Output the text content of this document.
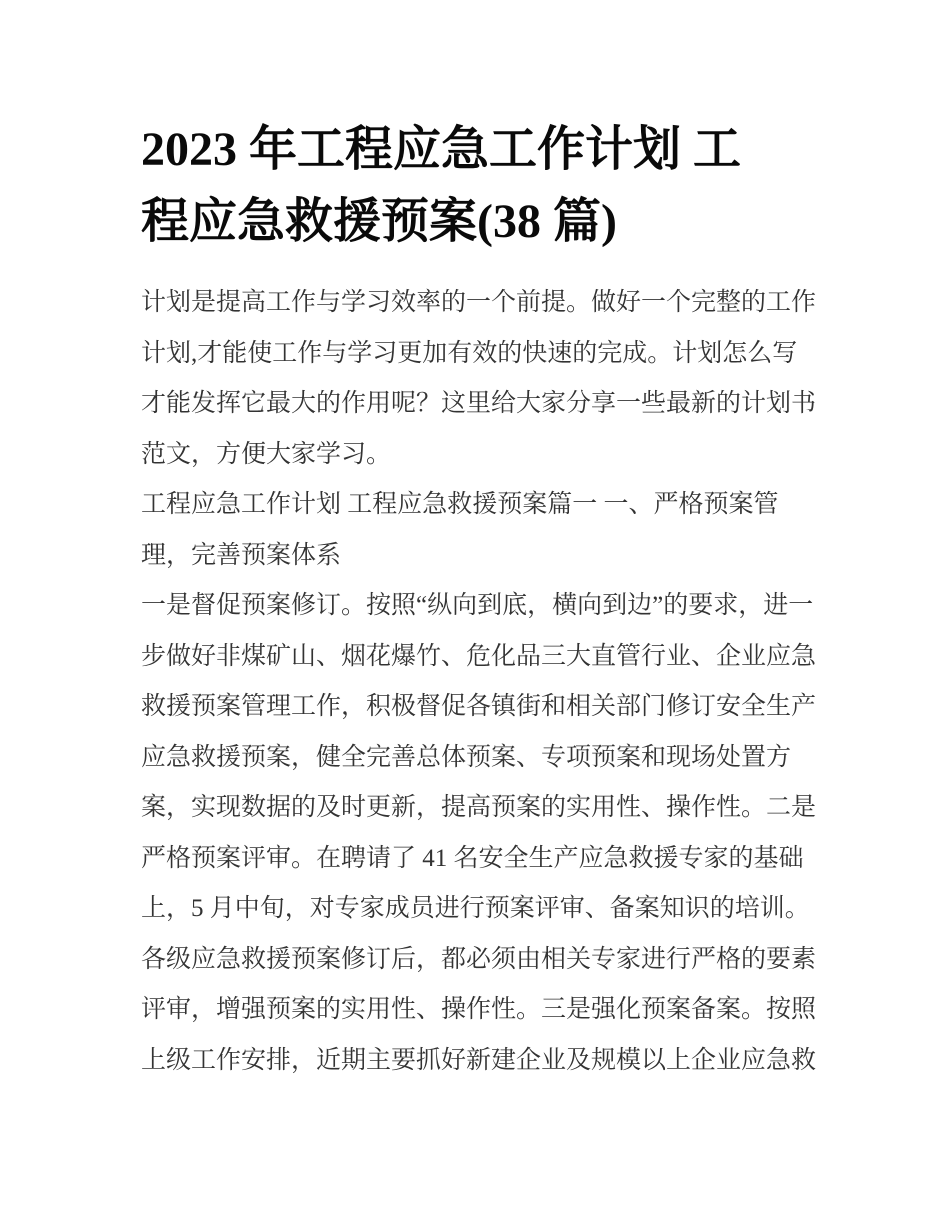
2023 年工程应急工作计划 工
程应急救援预案(38 篇)
计划是提高工作与学习效率的一个前提。做好一个完整的工作
计划,才能使工作与学习更加有效的快速的完成。计划怎么写
才能发挥它最大的作用呢？这里给大家分享一些最新的计划书
范文，方便大家学习。
工程应急工作计划 工程应急救援预案篇一 一、严格预案管
理，完善预案体系
一是督促预案修订。按照“纵向到底，横向到边”的要求，进一
步做好非煤矿山、烟花爆竹、危化品三大直管行业、企业应急
救援预案管理工作，积极督促各镇街和相关部门修订安全生产
应急救援预案，健全完善总体预案、专项预案和现场处置方
案，实现数据的及时更新，提高预案的实用性、操作性。二是
严格预案评审。在聘请了 41 名安全生产应急救援专家的基础
上，5 月中旬，对专家成员进行预案评审、备案知识的培训。
各级应急救援预案修订后，都必须由相关专家进行严格的要素
评审，增强预案的实用性、操作性。三是强化预案备案。按照
上级工作安排，近期主要抓好新建企业及规模以上企业应急救
